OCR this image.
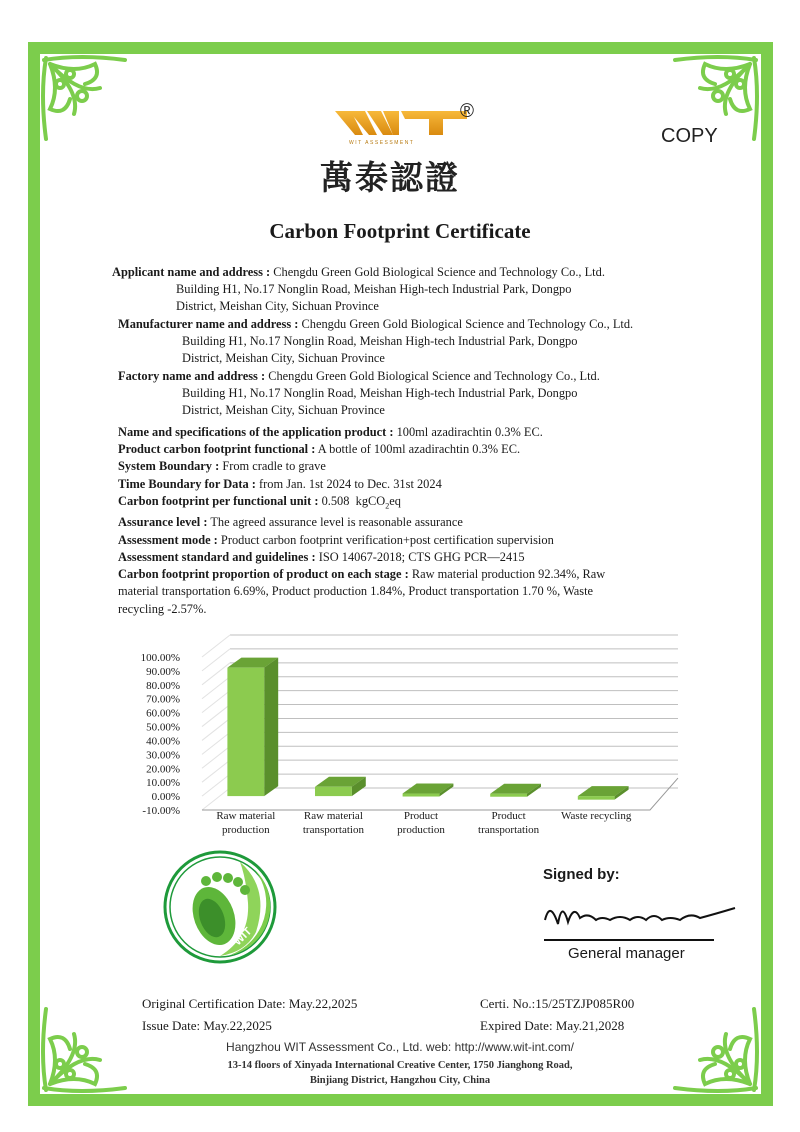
WIT ASSESSMENT
®
萬泰認證
COPY
Carbon Footprint Certificate
Applicant name and address : Chengdu Green Gold Biological Science and Technology Co., Ltd.
Building H1, No.17 Nonglin Road, Meishan High-tech Industrial Park, Dongpo
District, Meishan City, Sichuan Province
Manufacturer name and address : Chengdu Green Gold Biological Science and Technology Co., Ltd.
Building H1, No.17 Nonglin Road, Meishan High-tech Industrial Park, Dongpo
District, Meishan City, Sichuan Province
Factory name and address : Chengdu Green Gold Biological Science and Technology Co., Ltd.
Building H1, No.17 Nonglin Road, Meishan High-tech Industrial Park, Dongpo
District, Meishan City, Sichuan Province
Name and specifications of the application product : 100ml azadirachtin 0.3% EC.
Product carbon footprint functional : A bottle of 100ml azadirachtin 0.3% EC.
System Boundary : From cradle to grave
Time Boundary for Data : from Jan. 1st 2024 to Dec. 31st 2024
Carbon footprint per functional unit : 0.508 kgCO$_2$eq
Assurance level : The agreed assurance level is reasonable assurance
Assessment mode : Product carbon footprint verification+post certification supervision
Assessment standard and guidelines : ISO 14067-2018; CTS GHG PCR—2415
Carbon footprint proportion of product on each stage : Raw material production 92.34%, Raw
material transportation 6.69%, Product production 1.84%, Product transportation 1.70 %, Waste
recycling -2.57%.
100.00%
90.00%
80.00%
70.00%
60.00%
50.00%
40.00%
30.00%
20.00%
10.00%
0.00%
-10.00%	Raw material
production
Raw material
transportation
Product
production
Product
transportation
Waste recycling
WIT
Signed by:
General manager
Original Certification Date: May.22,2025
Issue Date: May.22,2025
Certi. No.:15/25TZJP085R00
Expired Date: May.21,2028
Hangzhou WIT Assessment Co., Ltd. web: http://www.wit-int.com/
13-14 floors of Xinyada International Creative Center, 1750 Jianghong Road,
Binjiang District, Hangzhou City, China
